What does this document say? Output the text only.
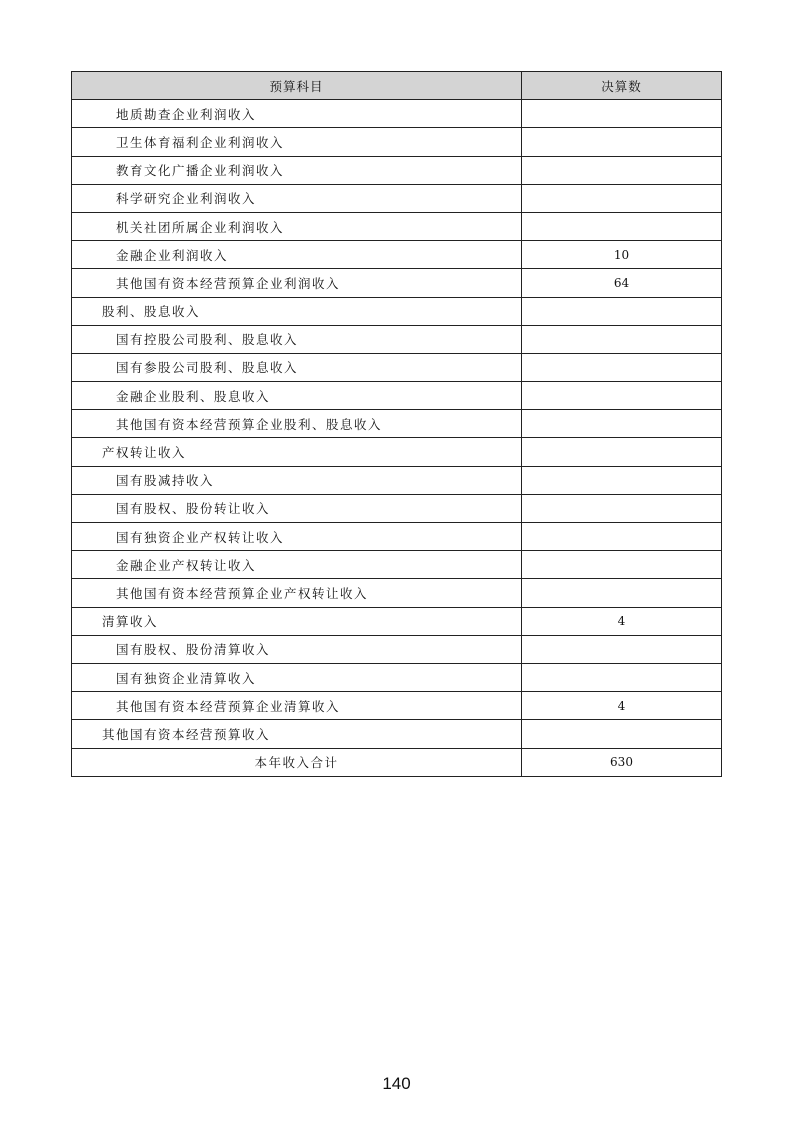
预算科目	决算数
地质勘查企业利润收入	
卫生体育福利企业利润收入	
教育文化广播企业利润收入	
科学研究企业利润收入	
机关社团所属企业利润收入	
金融企业利润收入	10
其他国有资本经营预算企业利润收入	64
股利、股息收入	
国有控股公司股利、股息收入	
国有参股公司股利、股息收入	
金融企业股利、股息收入	
其他国有资本经营预算企业股利、股息收入	
产权转让收入	
国有股减持收入	
国有股权、股份转让收入	
国有独资企业产权转让收入	
金融企业产权转让收入	
其他国有资本经营预算企业产权转让收入	
清算收入	4
国有股权、股份清算收入	
国有独资企业清算收入	
其他国有资本经营预算企业清算收入	4
其他国有资本经营预算收入	
本年收入合计	630
140
